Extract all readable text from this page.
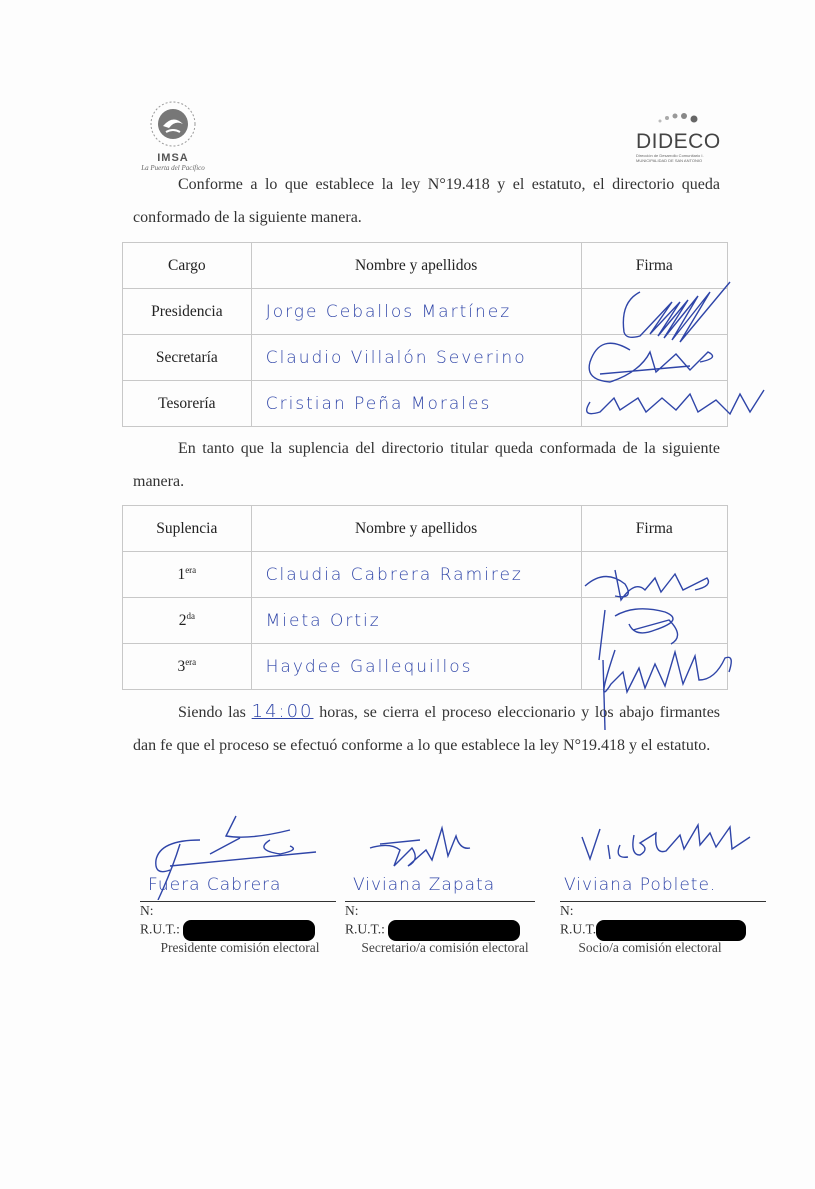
IMSA
La Puerta del Pacífico
DIDECO
Dirección de Desarrollo Comunitario I. MUNICIPALIDAD DE SAN ANTONIO
Conforme a lo que establece la ley N°19.418 y el estatuto, el directorio queda conformado de la siguiente manera.
Cargo	Nombre y apellidos	Firma
Presidencia	Jorge Ceballos Martínez	
Secretaría	Claudio Villalón Severino	
Tesorería	Cristian Peña Morales	
En tanto que la suplencia del directorio titular queda conformada de la siguiente manera.
Suplencia	Nombre y apellidos	Firma
$1^{era}$	Claudia Cabrera Ramirez	
$2^{da}$	Mieta Ortiz	
$3^{era}$	Haydee Gallequillos	
Siendo las 14:00 horas, se cierra el proceso eleccionario y los abajo firmantes dan fe que el proceso se efectuó conforme a lo que establece la ley N°19.418 y el estatuto.
Fuera Cabrera
N:
R.U.T.:
Presidente comisión electoral
Viviana Zapata
N:
R.U.T.:
Secretario/a comisión electoral
Viviana Poblete.
N:
R.U.T.
Socio/a comisión electoral
